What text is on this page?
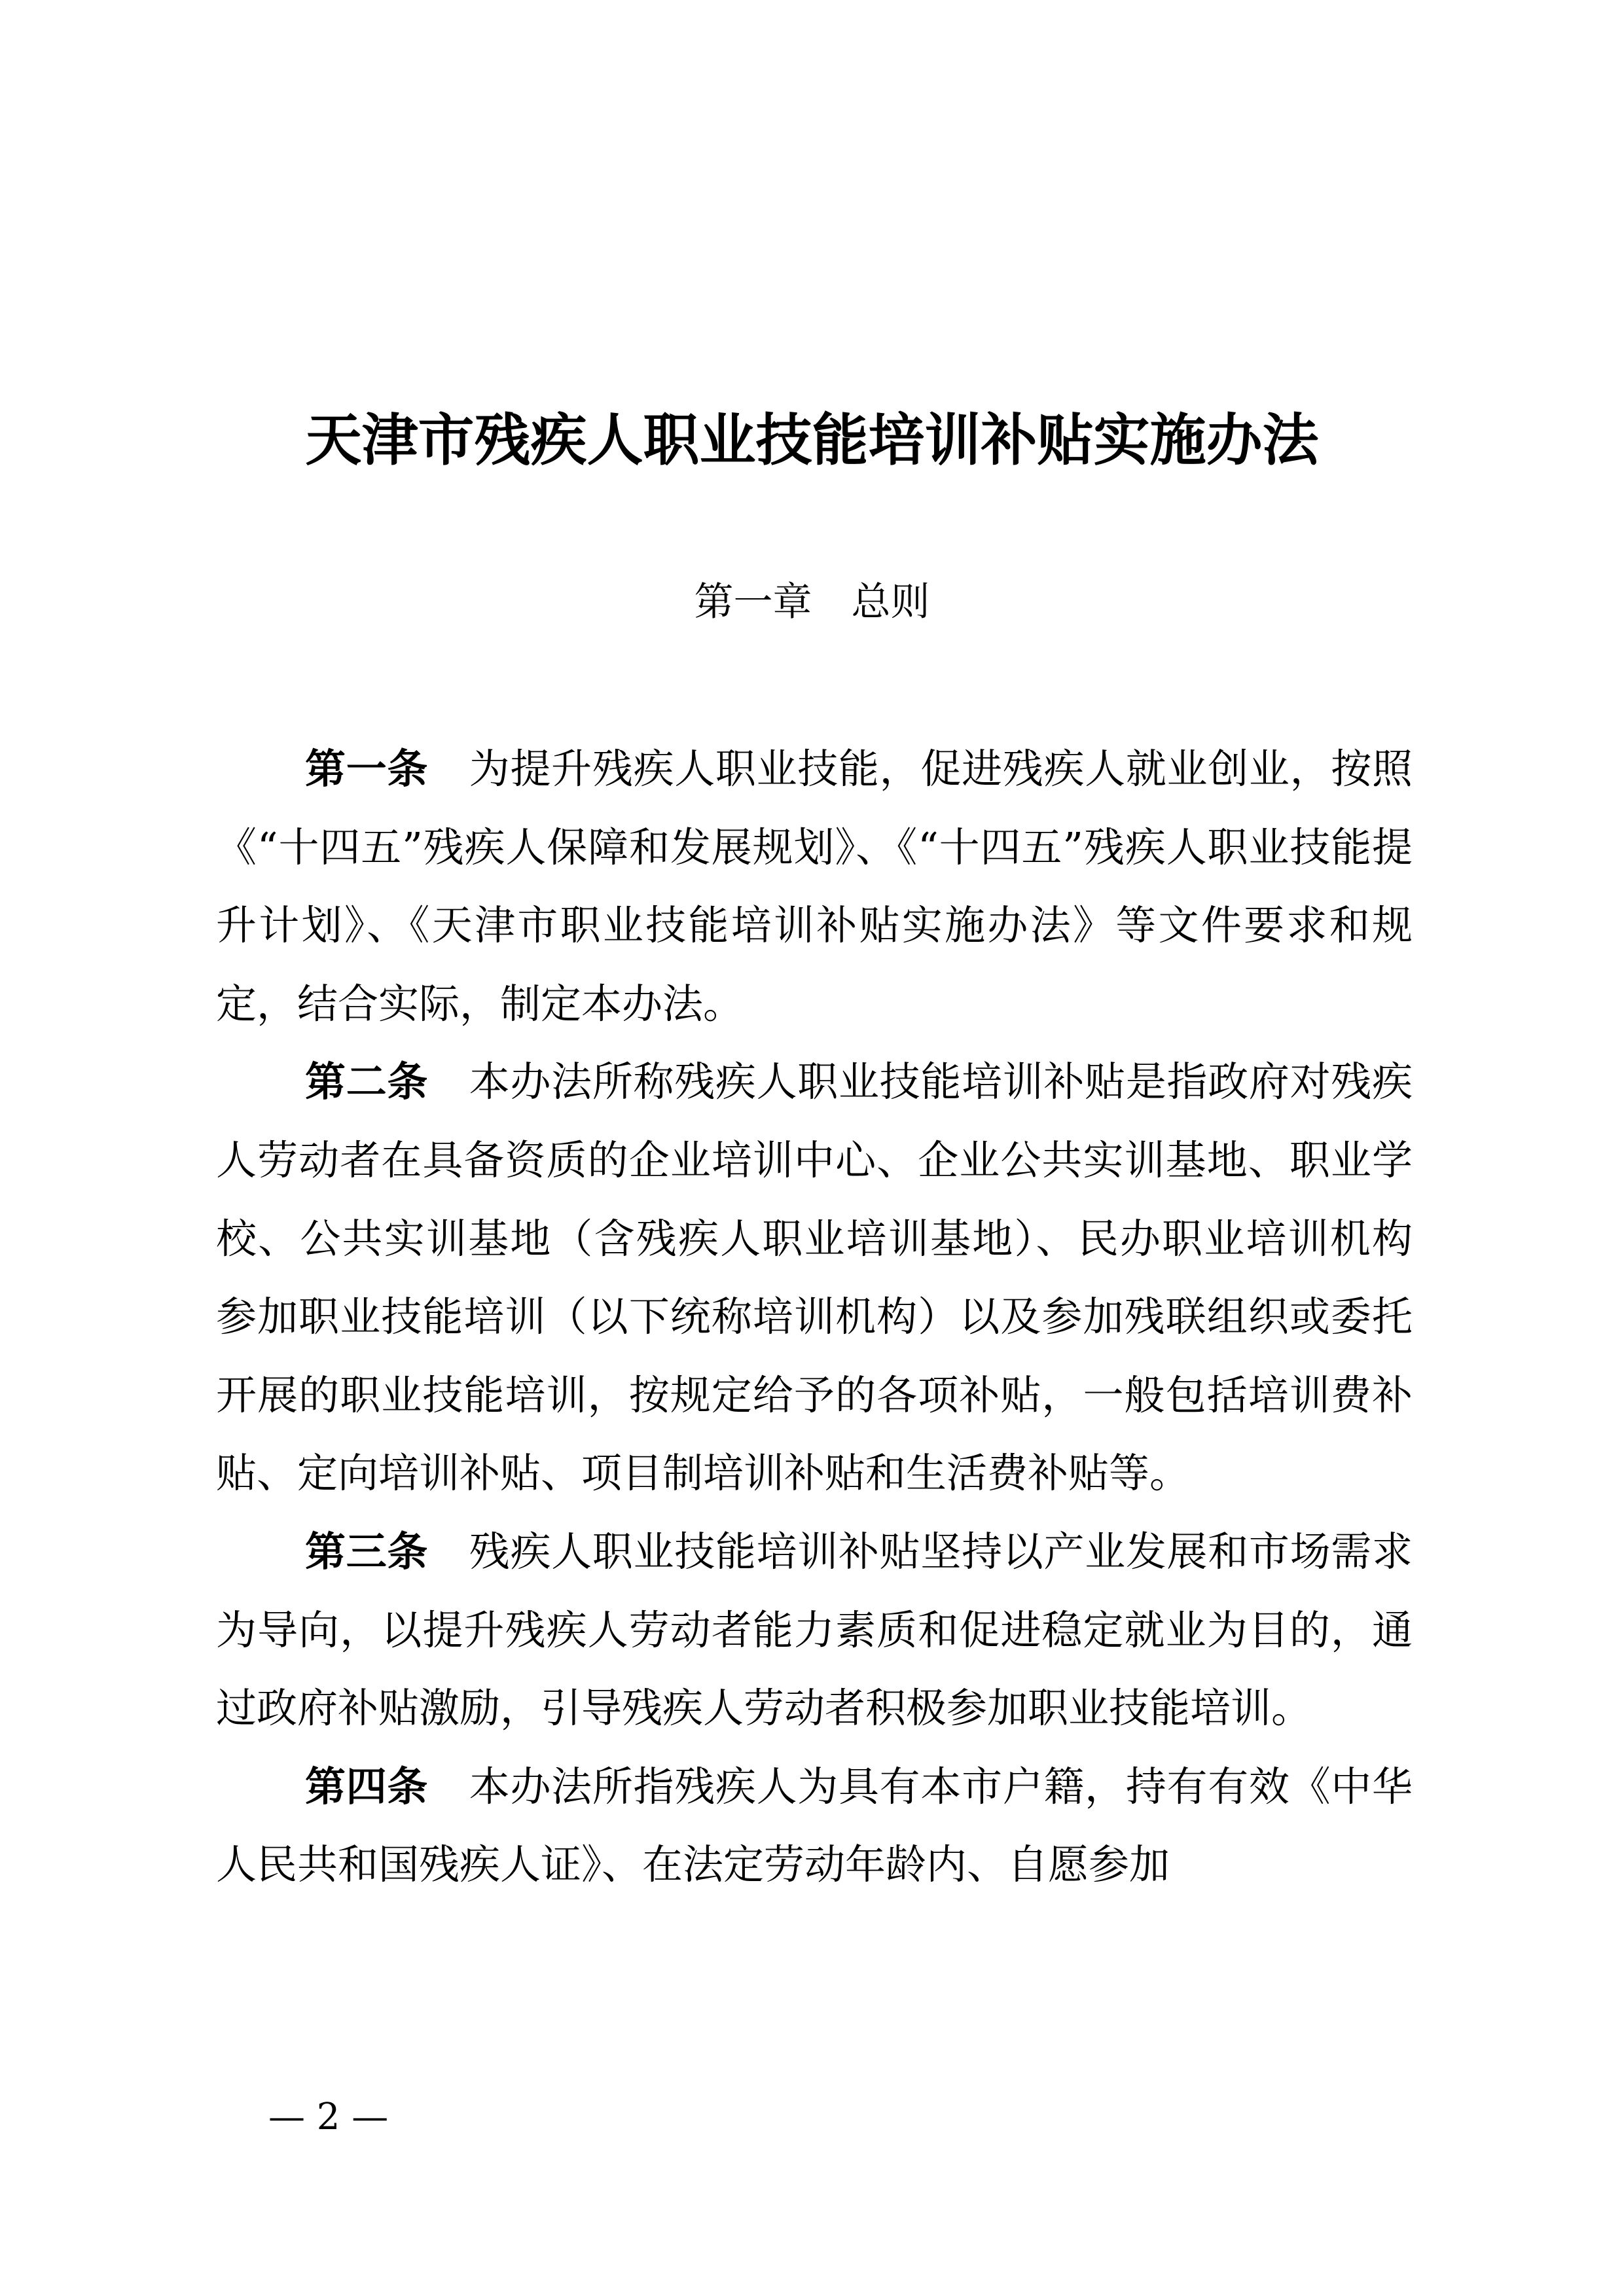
天津市残疾人职业技能培训补贴实施办法
第一章 总则

第一条 为提升残疾人职业技能，促进残疾人就业创业，按照《“十四五”残疾人保障和发展规划》、《“十四五”残疾人职业技能提升计划》、《天津市职业技能培训补贴实施办法》等文件要求和规定，结合实际，制定本办法。

第二条 本办法所称残疾人职业技能培训补贴是指政府对残疾人劳动者在具备资质的企业培训中心、企业公共实训基地、职业学校、公共实训基地（含残疾人职业培训基地）、民办职业培训机构参加职业技能培训（以下统称培训机构）以及参加残联组织或委托开展的职业技能培训，按规定给予的各项补贴，一般包括培训费补贴、定向培训补贴、项目制培训补贴和生活费补贴等。

第三条 残疾人职业技能培训补贴坚持以产业发展和市场需求为导向，以提升残疾人劳动者能力素质和促进稳定就业为目的，通过政府补贴激励，引导残疾人劳动者积极参加职业技能培训。

第四条 本办法所指残疾人为具有本市户籍，持有有效《中华人民共和国残疾人证》、在法定劳动年龄内、自愿参加

— 2 —
